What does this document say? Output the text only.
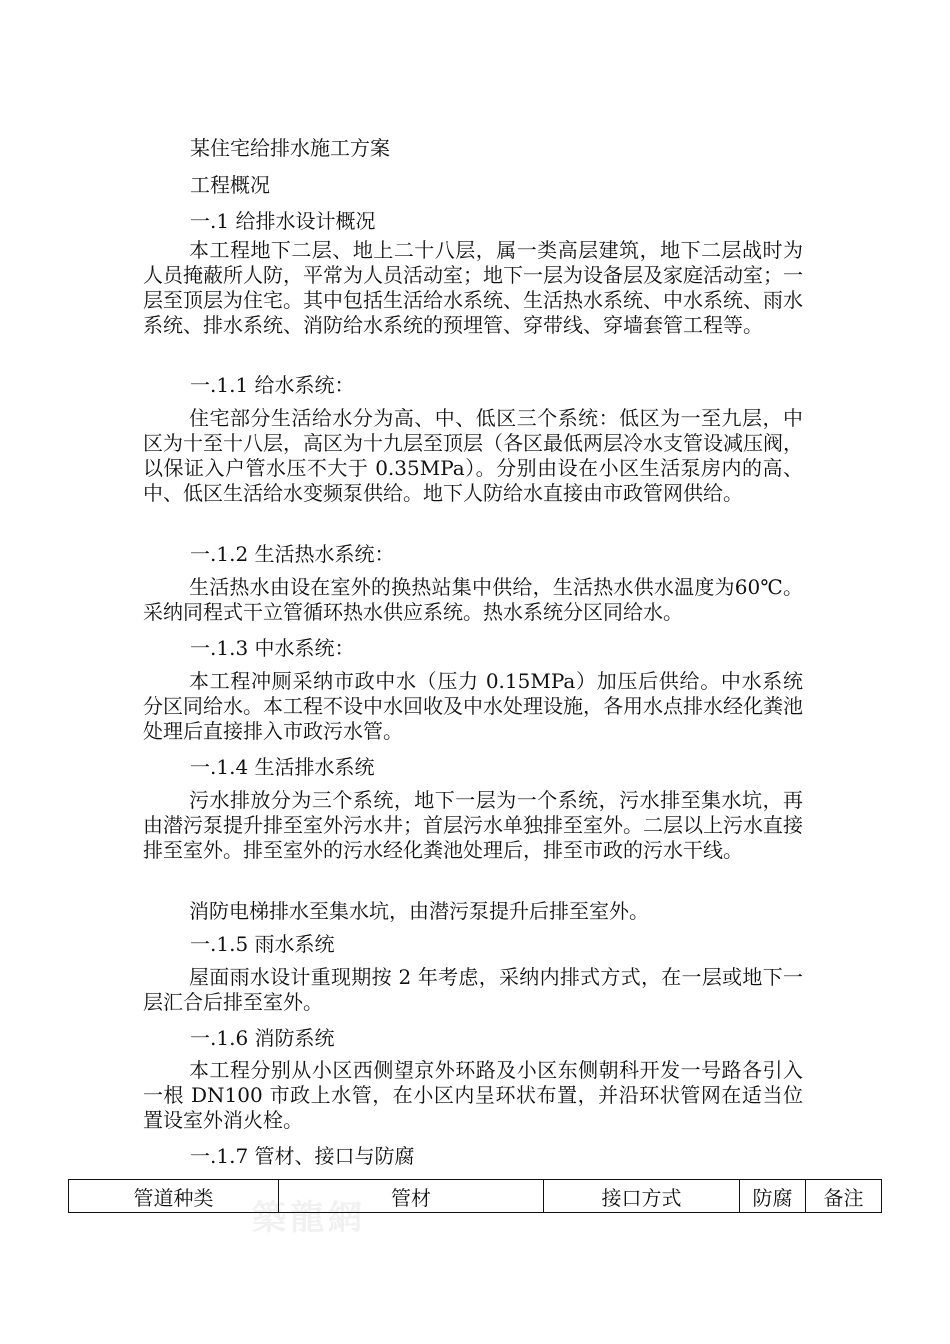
築龍網

某住宅给排水施工方案

工程概况

一.1 给排水设计概况

本工程地下二层、地上二十八层，属一类高层建筑，地下二层战时为人员掩蔽所人防，平常为人员活动室；地下一层为设备层及家庭活动室；一层至顶层为住宅。其中包括生活给水系统、生活热水系统、中水系统、雨水系统、排水系统、消防给水系统的预埋管、穿带线、穿墙套管工程等。

一.1.1 给水系统：

住宅部分生活给水分为高、中、低区三个系统：低区为一至九层，中区为十至十八层，高区为十九层至顶层（各区最低两层冷水支管设减压阀，以保证入户管水压不大于 0.35MPa）。分别由设在小区生活泵房内的高、中、低区生活给水变频泵供给。地下人防给水直接由市政管网供给。

一.1.2 生活热水系统：

生活热水由设在室外的换热站集中供给，生活热水供水温度为60℃。采纳同程式干立管循环热水供应系统。热水系统分区同给水。

一.1.3 中水系统：

本工程冲厕采纳市政中水（压力 0.15MPa）加压后供给。中水系统分区同给水。本工程不设中水回收及中水处理设施，各用水点排水经化粪池处理后直接排入市政污水管。

一.1.4 生活排水系统

污水排放分为三个系统，地下一层为一个系统，污水排至集水坑，再由潜污泵提升排至室外污水井；首层污水单独排至室外。二层以上污水直接排至室外。排至室外的污水经化粪池处理后，排至市政的污水干线。

消防电梯排水至集水坑，由潜污泵提升后排至室外。

一.1.5 雨水系统

屋面雨水设计重现期按 2 年考虑，采纳内排式方式，在一层或地下一层汇合后排至室外。

一.1.6 消防系统

本工程分别从小区西侧望京外环路及小区东侧朝科开发一号路各引入一根 DN100 市政上水管，在小区内呈环状布置，并沿环状管网在适当位置设室外消火栓。

一.1.7 管材、接口与防腐

管道种类	管材	接口方式	防腐	备注
